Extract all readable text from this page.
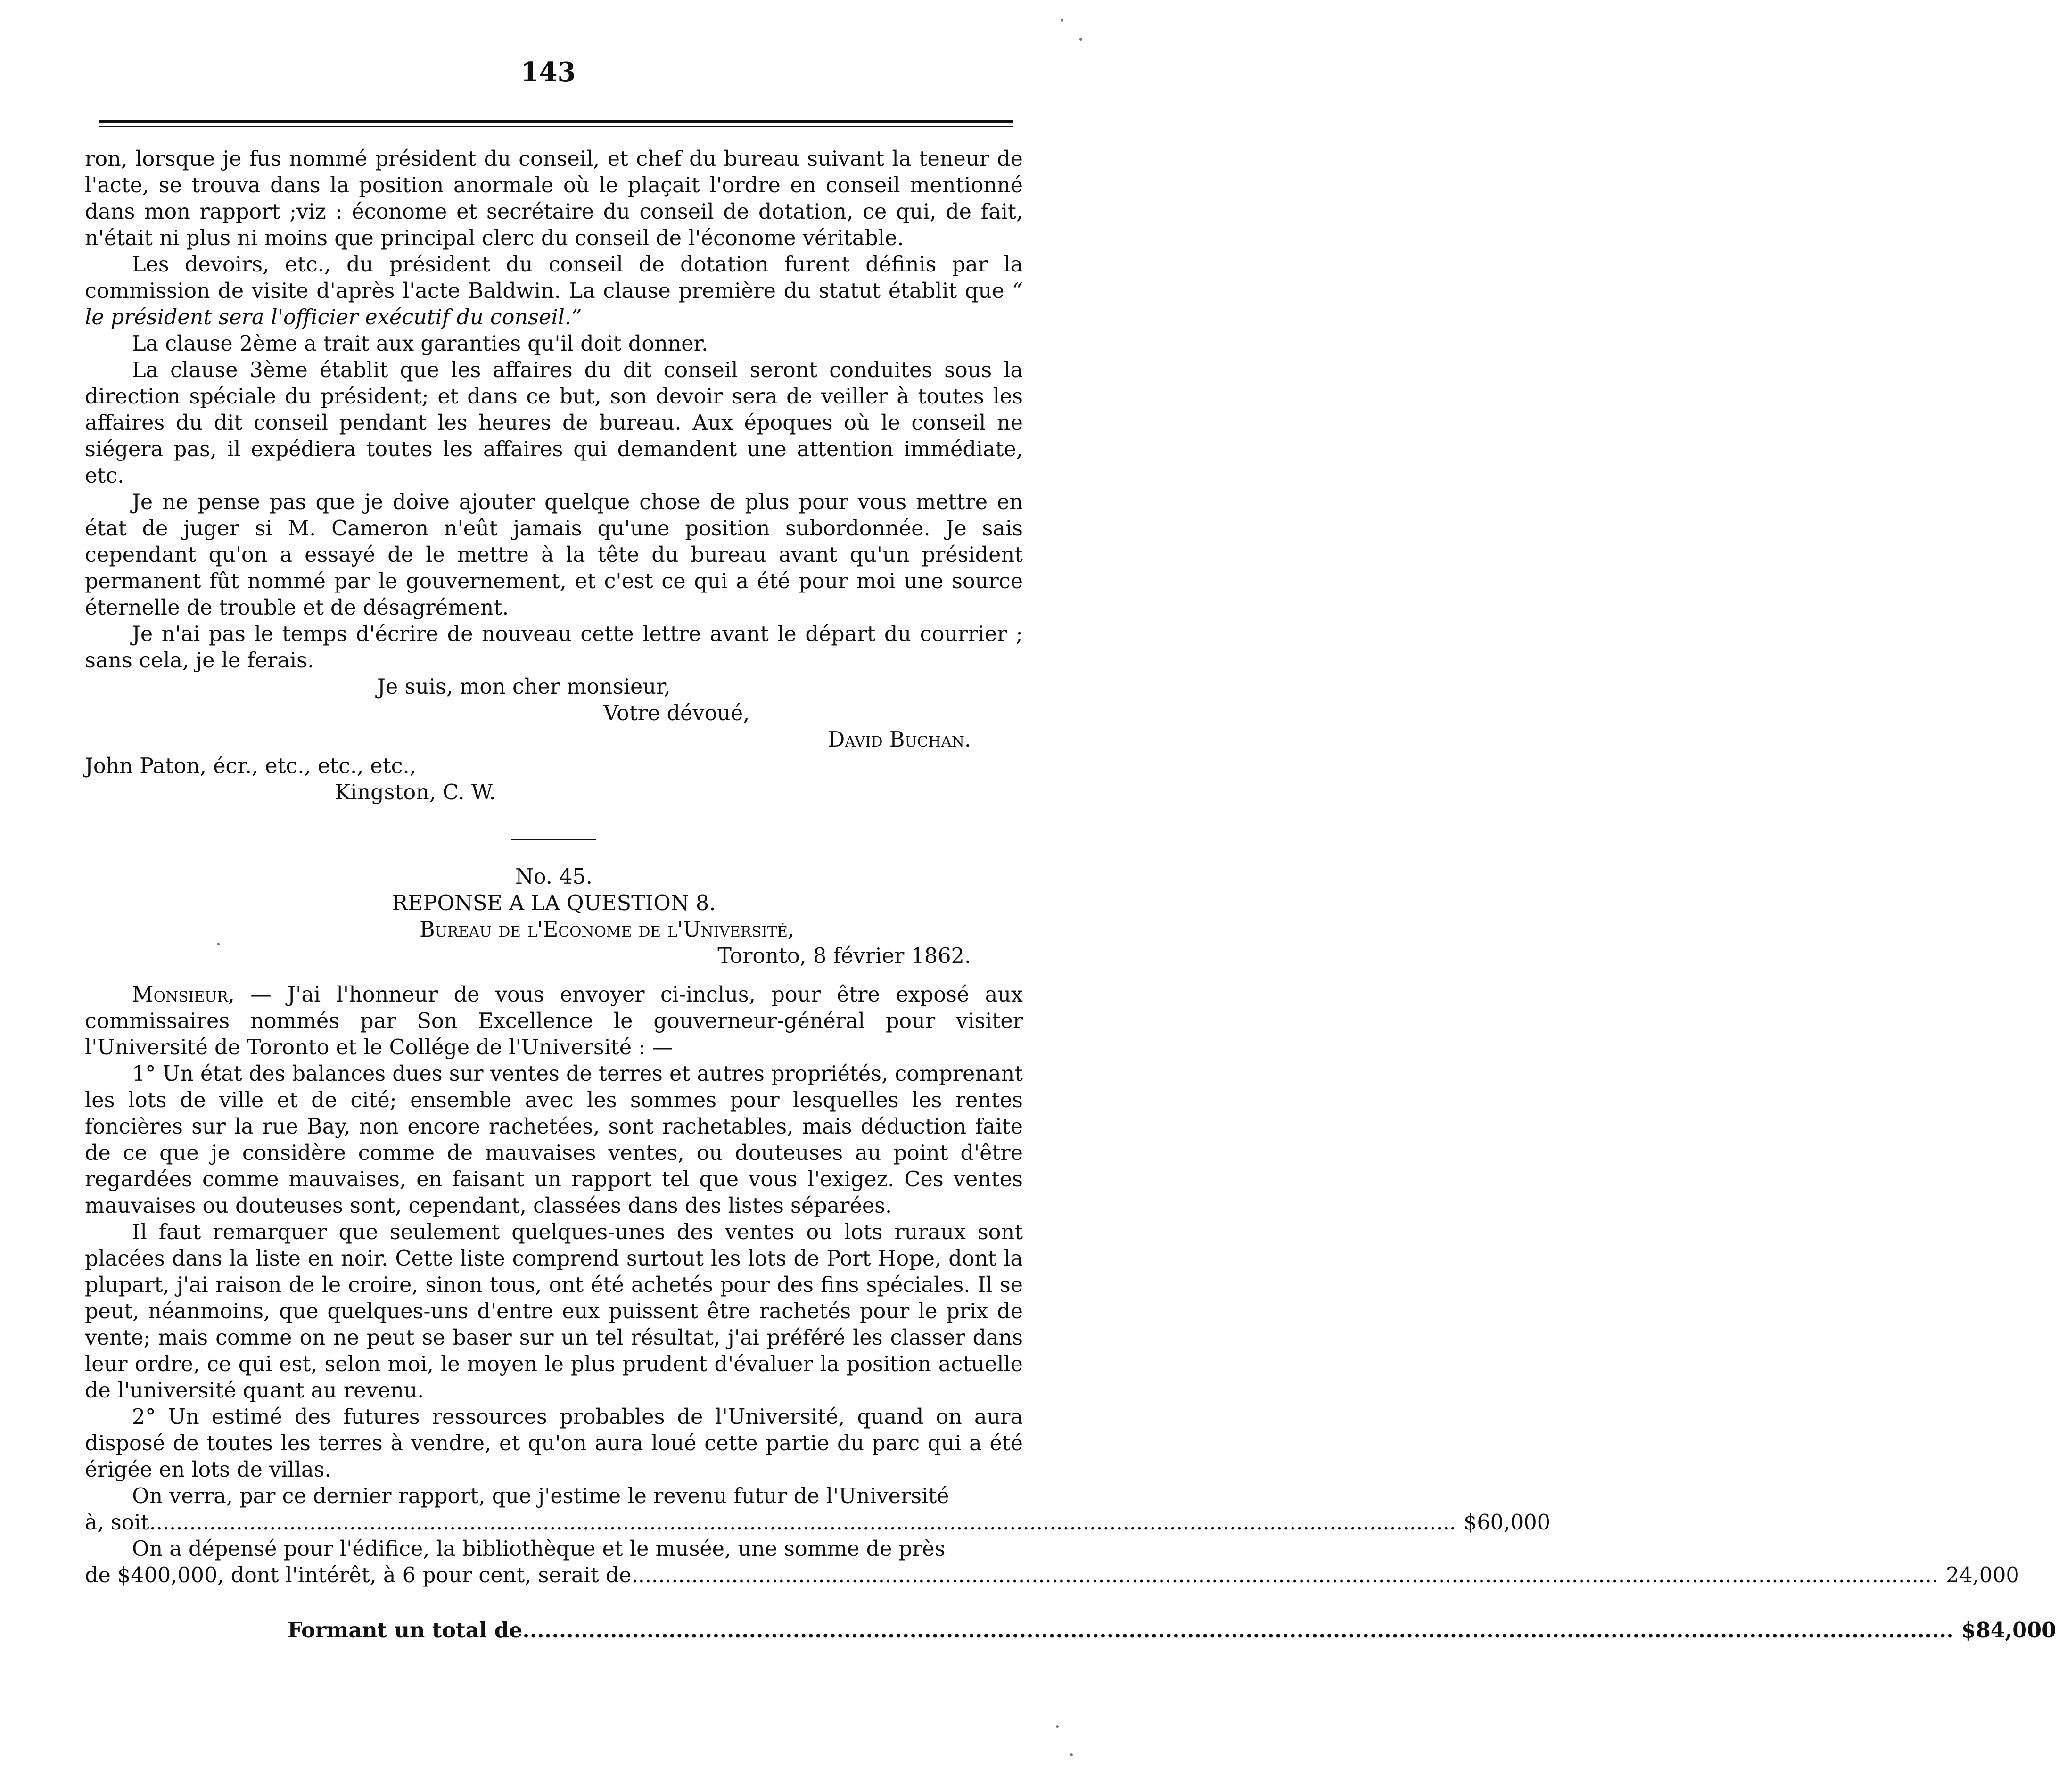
143

ron, lorsque je fus nommé président du conseil, et chef du bureau suivant la teneur de l'acte, se trouva dans la position anormale où le plaçait l'ordre en conseil mentionné dans mon rapport ;viz : économe et secrétaire du conseil de dotation, ce qui, de fait, n'était ni plus ni moins que principal clerc du conseil de l'économe véritable.

Les devoirs, etc., du président du conseil de dotation furent définis par la commission de visite d'après l'acte Baldwin. La clause première du statut établit que “ le président sera l'officier exécutif du conseil.”

La clause 2ème a trait aux garanties qu'il doit donner.

La clause 3ème établit que les affaires du dit conseil seront conduites sous la direction spéciale du président; et dans ce but, son devoir sera de veiller à toutes les affaires du dit conseil pendant les heures de bureau. Aux époques où le conseil ne siégera pas, il expédiera toutes les affaires qui demandent une attention immédiate, etc.

Je ne pense pas que je doive ajouter quelque chose de plus pour vous mettre en état de juger si M. Cameron n'eût jamais qu'une position subordonnée. Je sais cependant qu'on a essayé de le mettre à la tête du bureau avant qu'un président permanent fût nommé par le gouvernement, et c'est ce qui a été pour moi une source éternelle de trouble et de désagrément.

Je n'ai pas le temps d'écrire de nouveau cette lettre avant le départ du courrier ; sans cela, je le ferais.

Je suis, mon cher monsieur,

Votre dévoué,

David Buchan.

John Paton, écr., etc., etc., etc.,

Kingston, C. W.

No. 45.

REPONSE A LA QUESTION 8.

Bureau de l'Econome de l'Université,

Toronto, 8 février 1862.

Monsieur, — J'ai l'honneur de vous envoyer ci-inclus, pour être exposé aux commissaires nommés par Son Excellence le gouverneur-général pour visiter l'Université de Toronto et le Collége de l'Université : —

1° Un état des balances dues sur ventes de terres et autres propriétés, comprenant les lots de ville et de cité; ensemble avec les sommes pour lesquelles les rentes foncières sur la rue Bay, non encore rachetées, sont rachetables, mais déduction faite de ce que je considère comme de mauvaises ventes, ou douteuses au point d'être regardées comme mauvaises, en faisant un rapport tel que vous l'exigez. Ces ventes mauvaises ou douteuses sont, cependant, classées dans des listes séparées.

Il faut remarquer que seulement quelques-unes des ventes ou lots ruraux sont placées dans la liste en noir. Cette liste comprend surtout les lots de Port Hope, dont la plupart, j'ai raison de le croire, sinon tous, ont été achetés pour des fins spéciales. Il se peut, néanmoins, que quelques-uns d'entre eux puissent être rachetés pour le prix de vente; mais comme on ne peut se baser sur un tel résultat, j'ai préféré les classer dans leur ordre, ce qui est, selon moi, le moyen le plus prudent d'évaluer la position actuelle de l'université quant au revenu.

2° Un estimé des futures ressources probables de l'Université, quand on aura disposé de toutes les terres à vendre, et qu'on aura loué cette partie du parc qui a été érigée en lots de villas.

On verra, par ce dernier rapport, que j'estime le revenu futur de l'Université

à, soit.................................................................................................................................................................................................... $60,000

On a dépensé pour l'édifice, la bibliothèque et le musée, une somme de près

de $400,000, dont l'intérêt, à 6 pour cent, serait de.................................................................................................................................................................................................... 24,000
Formant un total de.................................................................................................................................................................................................... $84,000
